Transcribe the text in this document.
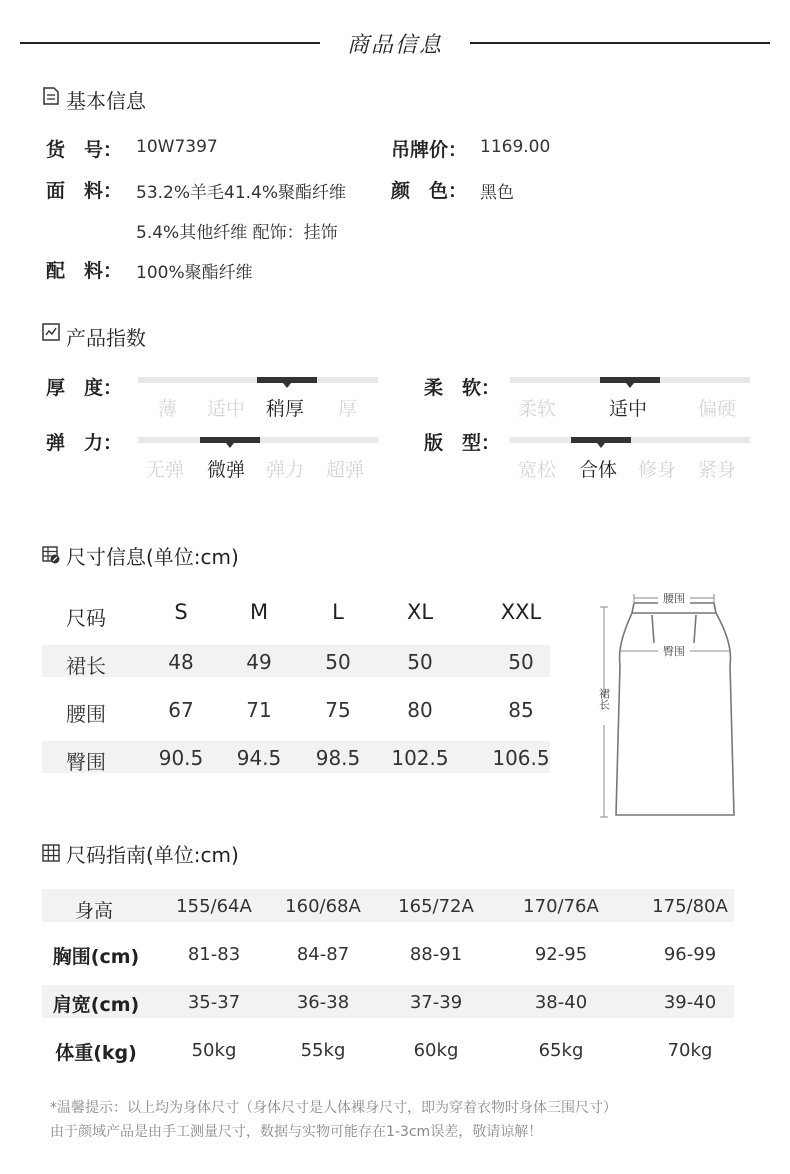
商品信息
基本信息
货　号： 10W7397	吊牌价： 1169.00
面　料： 53.2%羊毛41.4%聚酯纤维 颜　色： 黑色
5.4%其他纤维 配饰：挂饰
配　料： 100%聚酯纤维
产品指数
厚　度：
薄 适中 稍厚 厚
柔　软：
柔软	适中	偏硬
弹　力：
无弹 微弹 弹力 超弹
版　型：
宽松 合体 修身 紧身
尺寸信息(单位:cm)
尺码	S	M	L	XL	XXL
裙长	48	49	50	50	50
腰围	67	71	75	80	85
臀围	90.5	94.5	98.5	102.5	106.5
腰围
臀围
裙长
尺码指南(单位:cm)
身高	155/64A	160/68A	165/72A	170/76A	175/80A
胸围(cm)	81-83	84-87	88-91	92-95	96-99
肩宽(cm)	35-37	36-38	37-39	38-40	39-40
体重(kg)	50kg	55kg	60kg	65kg	70kg
*温馨提示：以上均为身体尺寸（身体尺寸是人体裸身尺寸，即为穿着衣物时身体三围尺寸）
由于颜域产品是由手工测量尺寸，数据与实物可能存在1-3cm误差，敬请谅解！
